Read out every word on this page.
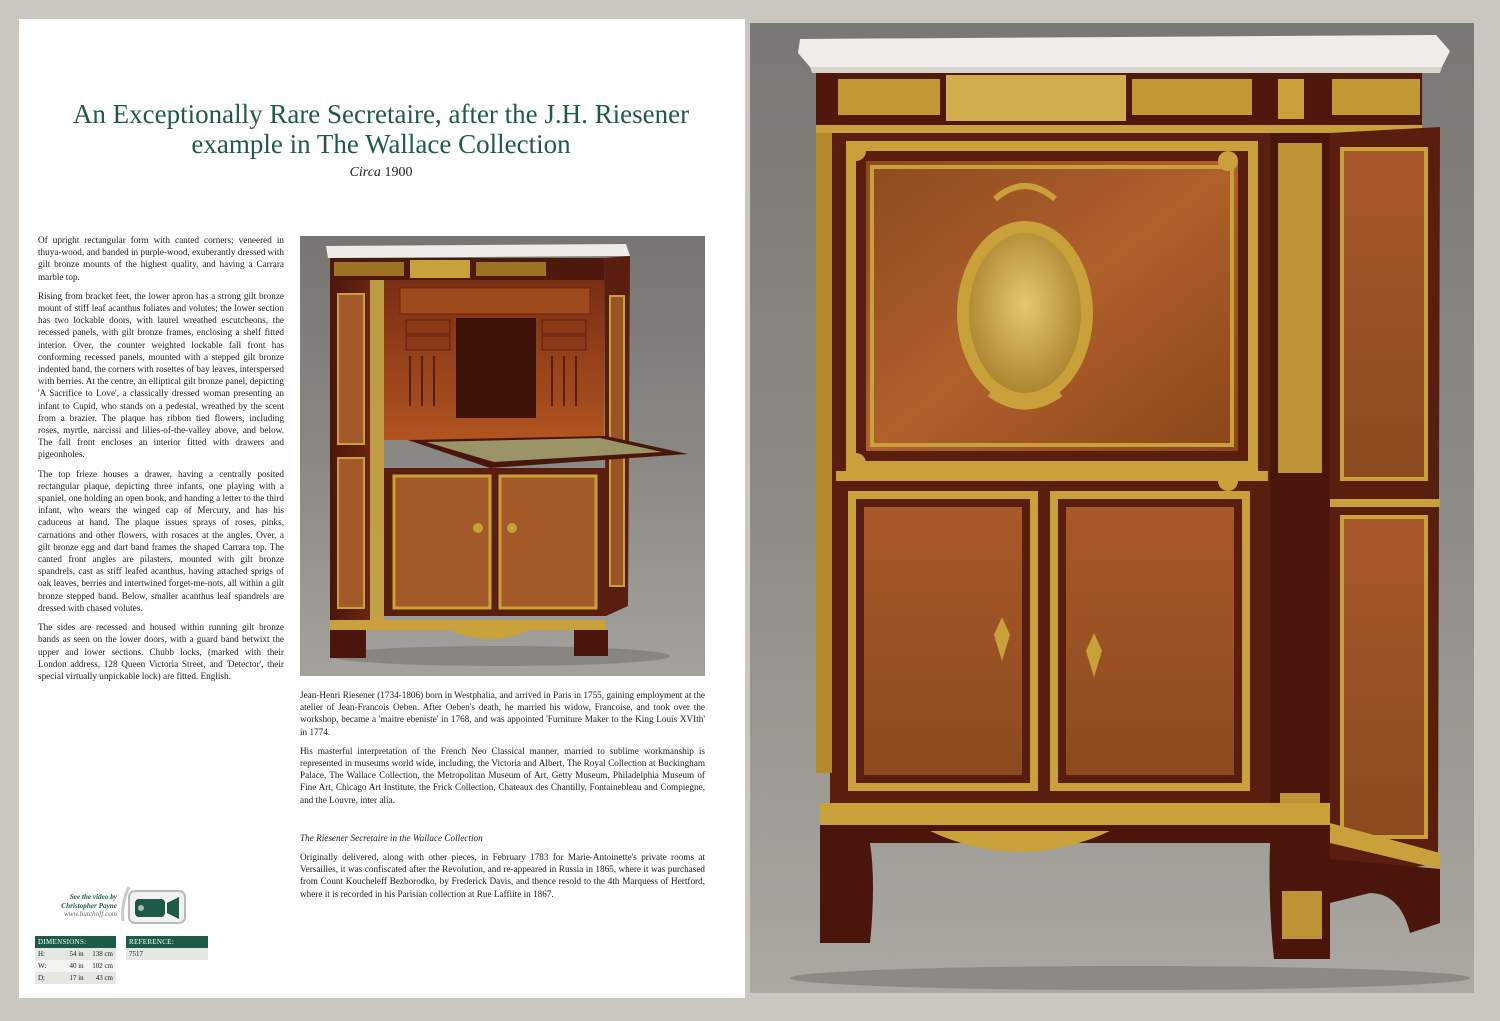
An Exceptionally Rare Secretaire, after the J.H. Riesener example in The Wallace Collection
Circa 1900

Of upright rectangular form with canted corners; veneered in thuya-wood, and banded in purple-wood, exuberantly dressed with gilt bronze mounts of the highest quality, and having a Carrara marble top.

Rising from bracket feet, the lower apron has a strong gilt bronze mount of stiff leaf acanthus foliates and volutes; the lower section has two lockable doors, with laurel wreathed escutcheons, the recessed panels, with gilt bronze frames, enclosing a shelf fitted interior. Over, the counter weighted lockable fall front has conforming recessed panels, mounted with a stepped gilt bronze indented band, the corners with rosettes of bay leaves, interspersed with berries. At the centre, an elliptical gilt bronze panel, depicting 'A Sacrifice to Love', a classically dressed woman presenting an infant to Cupid, who stands on a pedestal, wreathed by the scent from a brazier. The plaque has ribbon tied flowers, including roses, myrtle, narcissi and lilies-of-the-valley above, and below. The fall front encloses an interior fitted with drawers and pigeonholes.

The top frieze houses a drawer, having a centrally posited rectangular plaque, depicting three infants, one playing with a spaniel, one holding an open book, and handing a letter to the third infant, who wears the winged cap of Mercury, and has his caduceus at hand. The plaque issues sprays of roses, pinks, carnations and other flowers, with rosaces at the angles. Over, a gilt bronze egg and dart band frames the shaped Carrara top. The canted front angles are pilasters, mounted with gilt bronze spandrels, cast as stiff leafed acanthus, having attached sprigs of oak leaves, berries and intertwined forget-me-nots, all within a gilt bronze stepped band. Below, smaller acanthus leaf spandrels are dressed with chased volutes.

The sides are recessed and housed within running gilt bronze bands as seen on the lower doors, with a guard band betwixt the upper and lower sections. Chubb locks, (marked with their London address, 128 Queen Victoria Street, and 'Detector', their special virtually unpickable lock) are fitted. English.

Jean-Henri Riesener (1734-1806) born in Westphalia, and arrived in Paris in 1755, gaining employment at the atelier of Jean-Francois Oeben. After Oeben's death, he married his widow, Francoise, and took over the workshop, became a 'maitre ebeniste' in 1768, and was appointed 'Furniture Maker to the King Louis XVIth' in 1774.

His masterful interpretation of the French Neo Classical manner, married to sublime workmanship is represented in museums world wide, including, the Victoria and Albert, The Royal Collection at Buckingham Palace, The Wallace Collection, the Metropolitan Museum of Art, Getty Museum, Philadelphia Museum of Fine Art, Chicago Art Institute, the Frick Collection, Chateaux des Chantilly, Fontainebleau and Compiegne, and the Louvre, inter alia.

The Riesener Secretaire in the Wallace Collection

Originally delivered, along with other pieces, in February 1783 for Marie-Antoinette's private rooms at Versailles, it was confiscated after the Revolution, and re-appeared in Russia in 1865, where it was purchased from Count Koucheleff Bezborodko, by Frederick Davis, and thence resold to the 4th Marquess of Hertford, where it is recorded in his Parisian collection at Rue Laffiite in 1867.

See the video by
Christopher Payne
www.butchoff.com
DIMENSIONS:				REFERENCE:
H:	54 in	138 cm		7517
W:	40 in	102 cm		
D:	17 in	43 cm		
